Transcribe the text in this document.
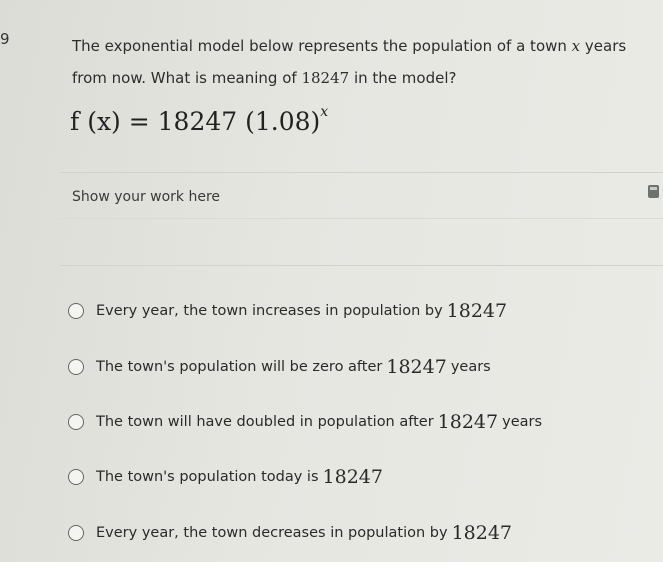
9	The exponential model below represents the population of a town x years
from now. What is meaning of 18247 in the model?
f (x) = 18247 $(1.08)^x$
Show your work here
Every year, the town increases in population by 18247
The town's population will be zero after 18247 years
The town will have doubled in population after 18247 years
The town's population today is 18247
Every year, the town decreases in population by 18247
